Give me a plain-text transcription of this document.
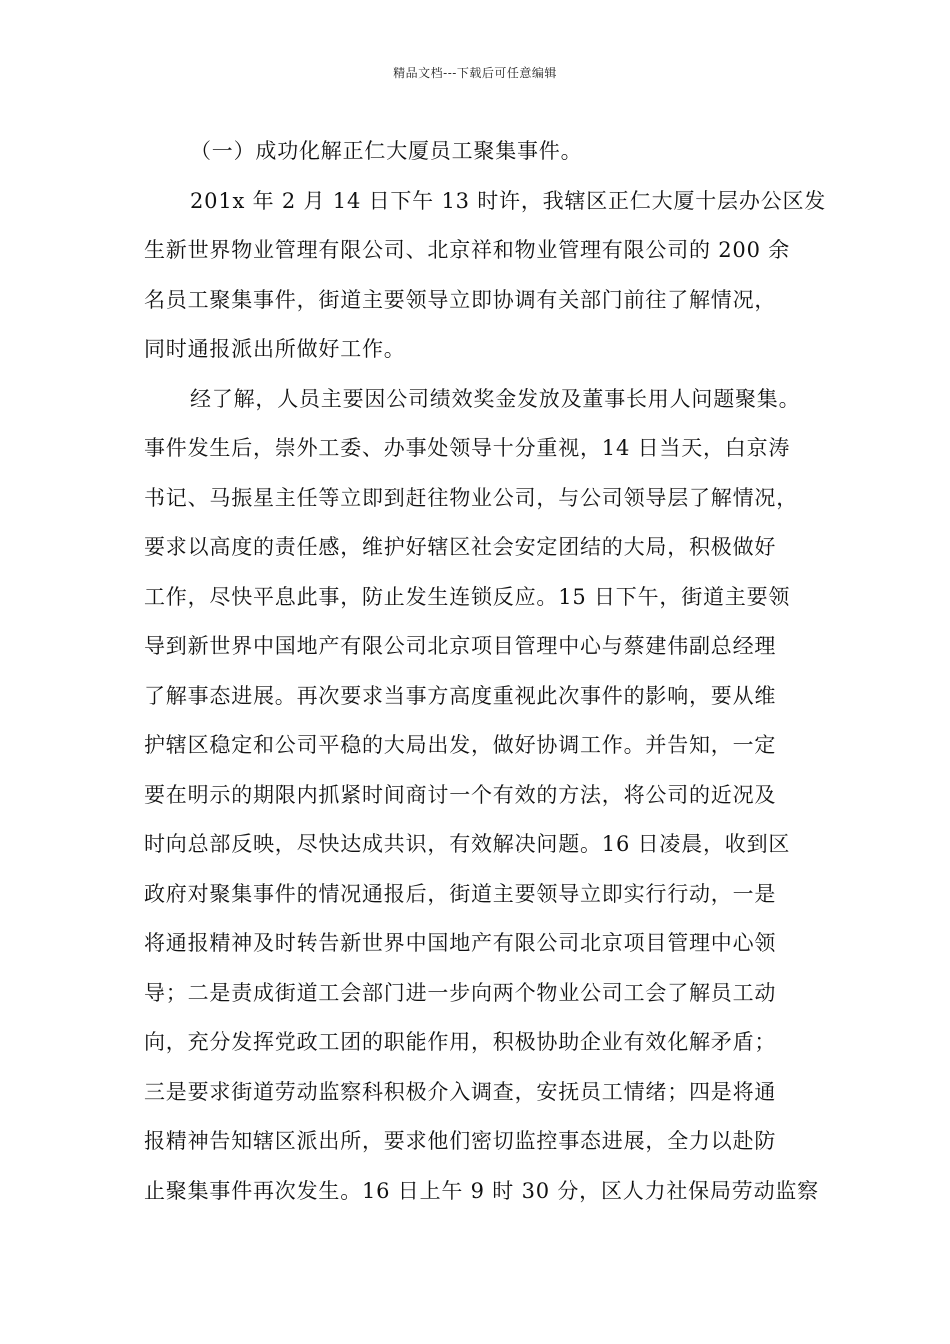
精品文档---下载后可任意编辑
（一）成功化解正仁大厦员工聚集事件。
201x 年 2 月 14 日下午 13 时许，我辖区正仁大厦十层办公区发
生新世界物业管理有限公司、北京祥和物业管理有限公司的 200 余
名员工聚集事件，街道主要领导立即协调有关部门前往了解情况，
同时通报派出所做好工作。
经了解，人员主要因公司绩效奖金发放及董事长用人问题聚集。
事件发生后，崇外工委、办事处领导十分重视，14 日当天，白京涛
书记、马振星主任等立即到赶往物业公司，与公司领导层了解情况，
要求以高度的责任感，维护好辖区社会安定团结的大局，积极做好
工作，尽快平息此事，防止发生连锁反应。15 日下午，街道主要领
导到新世界中国地产有限公司北京项目管理中心与蔡建伟副总经理
了解事态进展。再次要求当事方高度重视此次事件的影响，要从维
护辖区稳定和公司平稳的大局出发，做好协调工作。并告知，一定
要在明示的期限内抓紧时间商讨一个有效的方法，将公司的近况及
时向总部反映，尽快达成共识，有效解决问题。16 日凌晨，收到区
政府对聚集事件的情况通报后，街道主要领导立即实行行动，一是
将通报精神及时转告新世界中国地产有限公司北京项目管理中心领
导；二是责成街道工会部门进一步向两个物业公司工会了解员工动
向，充分发挥党政工团的职能作用，积极协助企业有效化解矛盾；
三是要求街道劳动监察科积极介入调查，安抚员工情绪；四是将通
报精神告知辖区派出所，要求他们密切监控事态进展，全力以赴防
止聚集事件再次发生。16 日上午 9 时 30 分，区人力社保局劳动监察
